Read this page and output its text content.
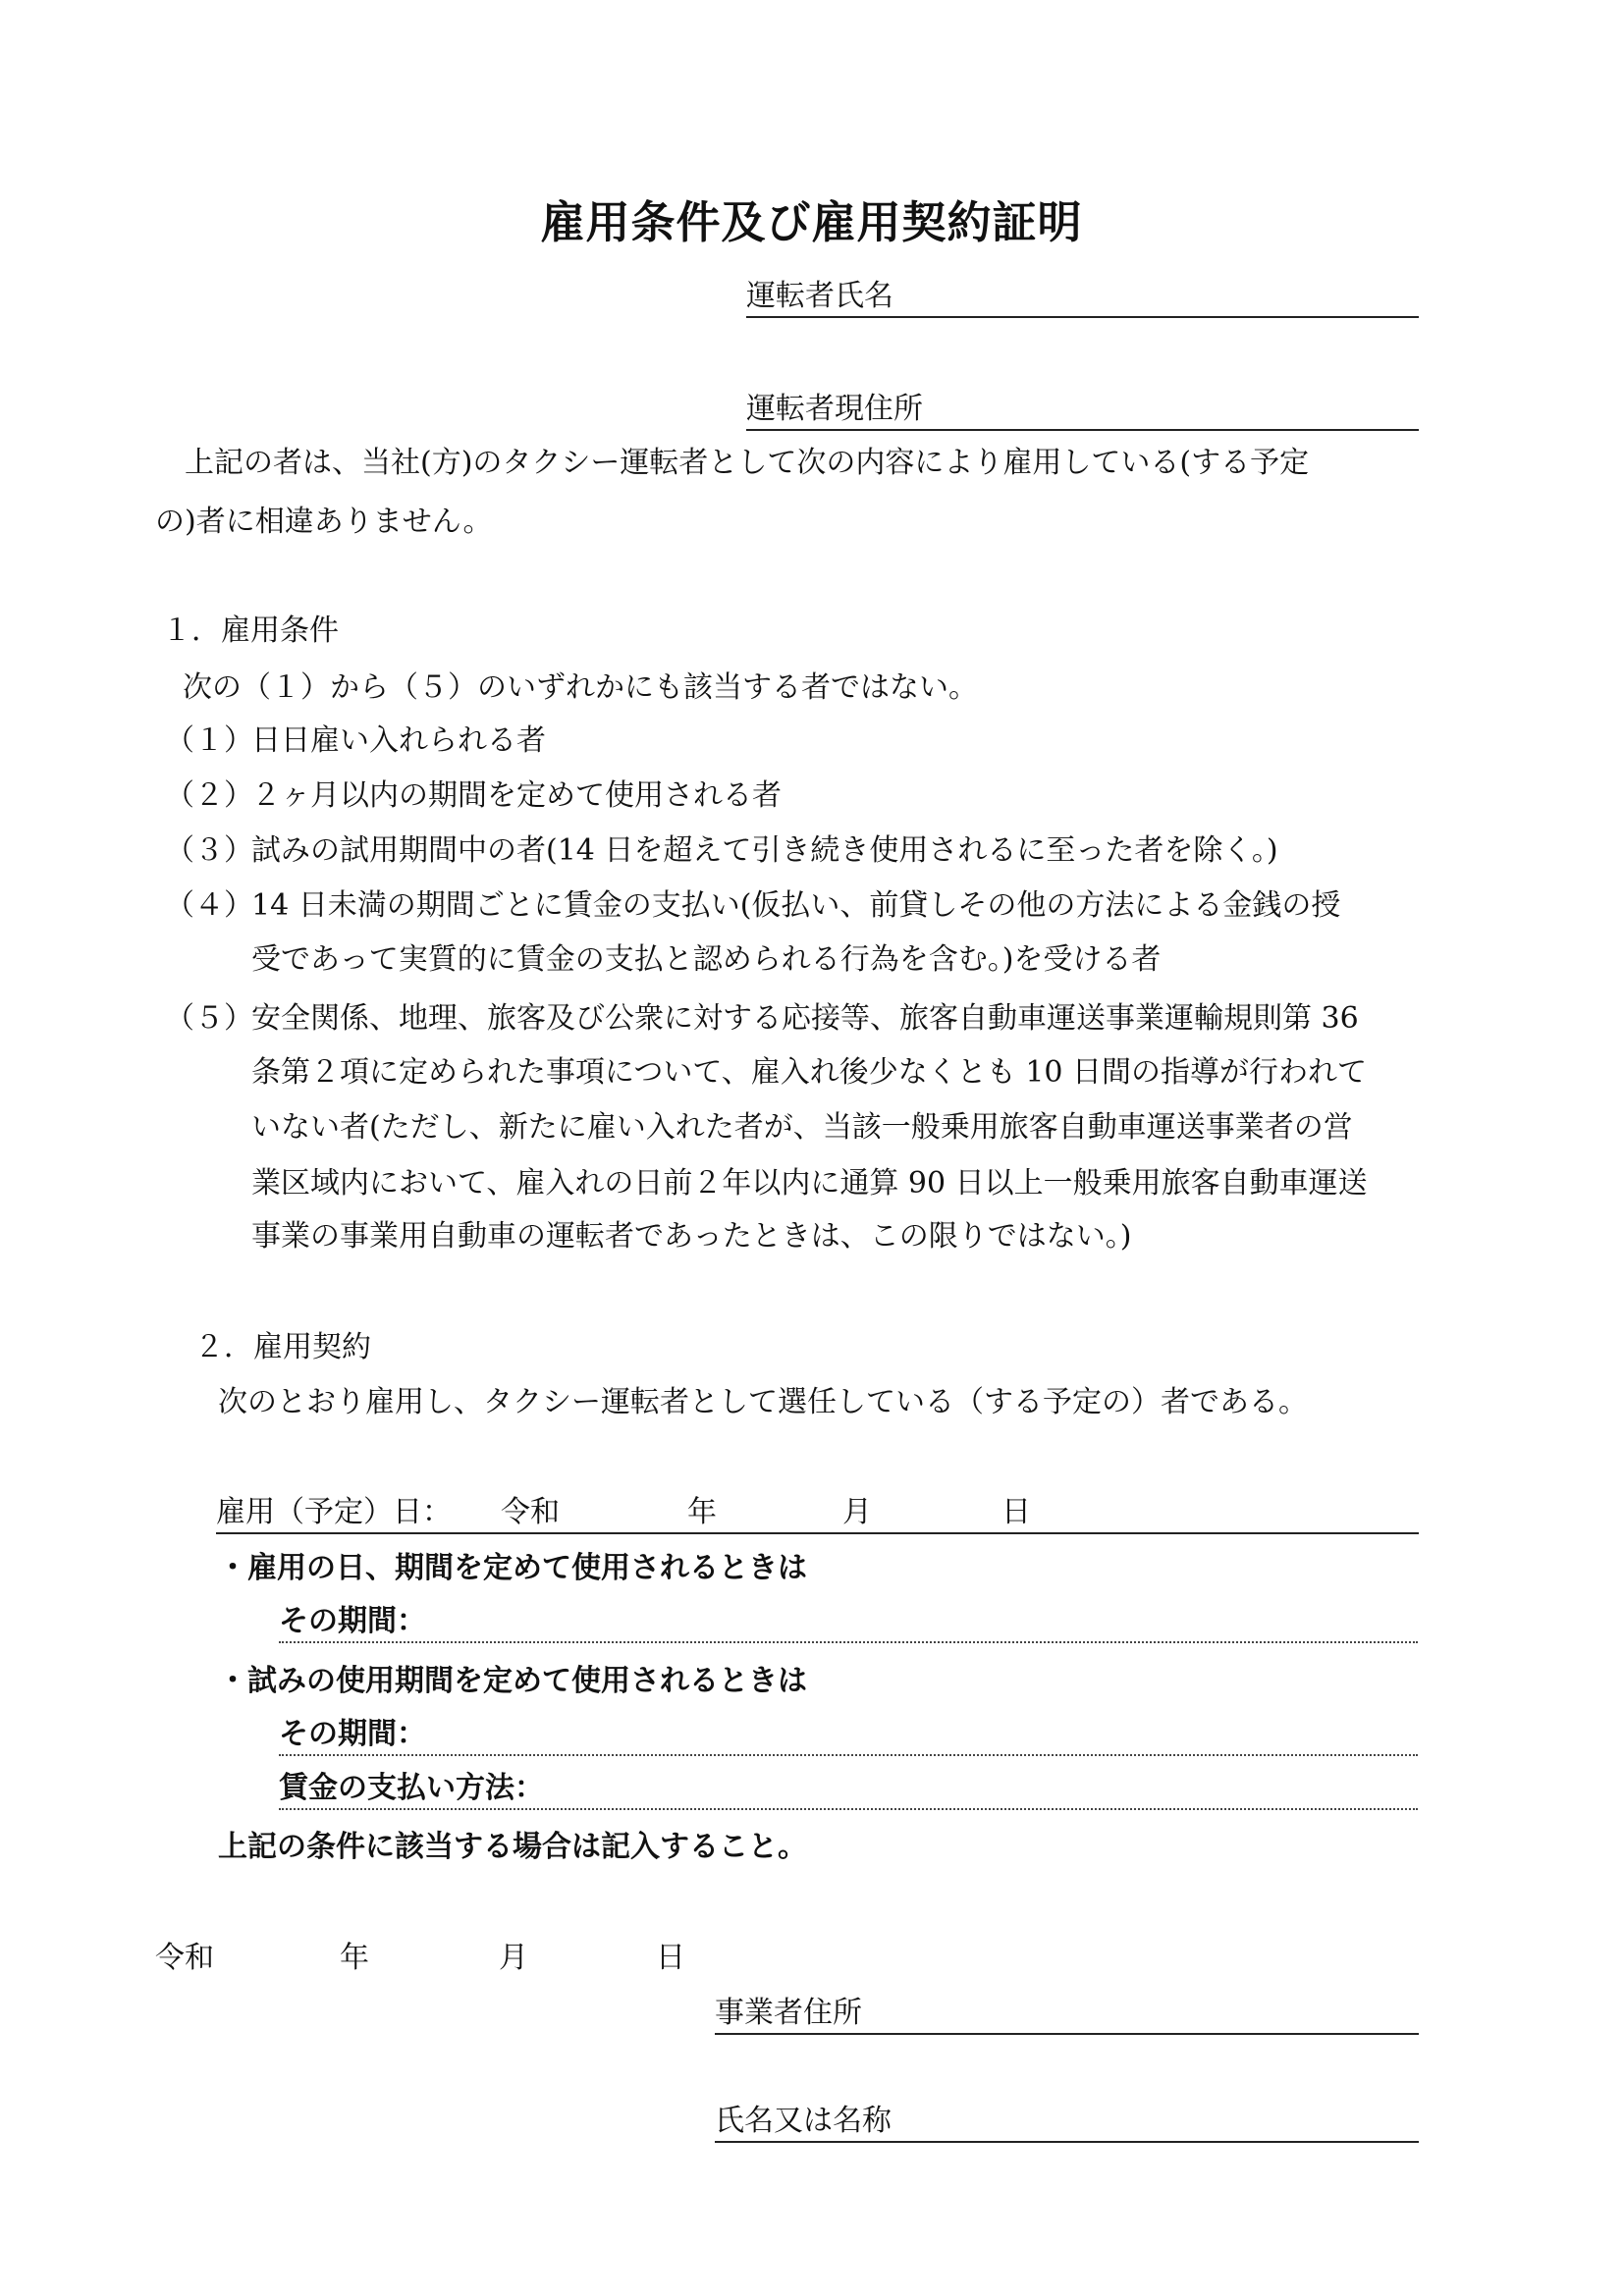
雇用条件及び雇用契約証明
運転者氏名
運転者現住所
上記の者は、当社(方)のタクシー運転者として次の内容により雇用している(する予定
の)者に相違ありません。
１．雇用条件
次の（１）から（５）のいずれかにも該当する者ではない。
（１）
日日雇い入れられる者
（２）
２ヶ月以内の期間を定めて使用される者
（３）
試みの試用期間中の者(14 日を超えて引き続き使用されるに至った者を除く。)
（４）
14 日未満の期間ごとに賃金の支払い(仮払い、前貸しその他の方法による金銭の授
受であって実質的に賃金の支払と認められる行為を含む。)を受ける者
（５）
安全関係、地理、旅客及び公衆に対する応接等、旅客自動車運送事業運輸規則第 36
条第２項に定められた事項について、雇入れ後少なくとも 10 日間の指導が行われて
いない者(ただし、新たに雇い入れた者が、当該一般乗用旅客自動車運送事業者の営
業区域内において、雇入れの日前２年以内に通算 90 日以上一般乗用旅客自動車運送
事業の事業用自動車の運転者であったときは、この限りではない。)
２．雇用契約
次のとおり雇用し、タクシー運転者として選任している（する予定の）者である。
雇用（予定）日： 令和	年	月	日
・雇用の日、期間を定めて使用されるときは
その期間：
・試みの使用期間を定めて使用されるときは
その期間：
賃金の支払い方法：
上記の条件に該当する場合は記入すること。
令和	年	月	日
事業者住所
氏名又は名称
